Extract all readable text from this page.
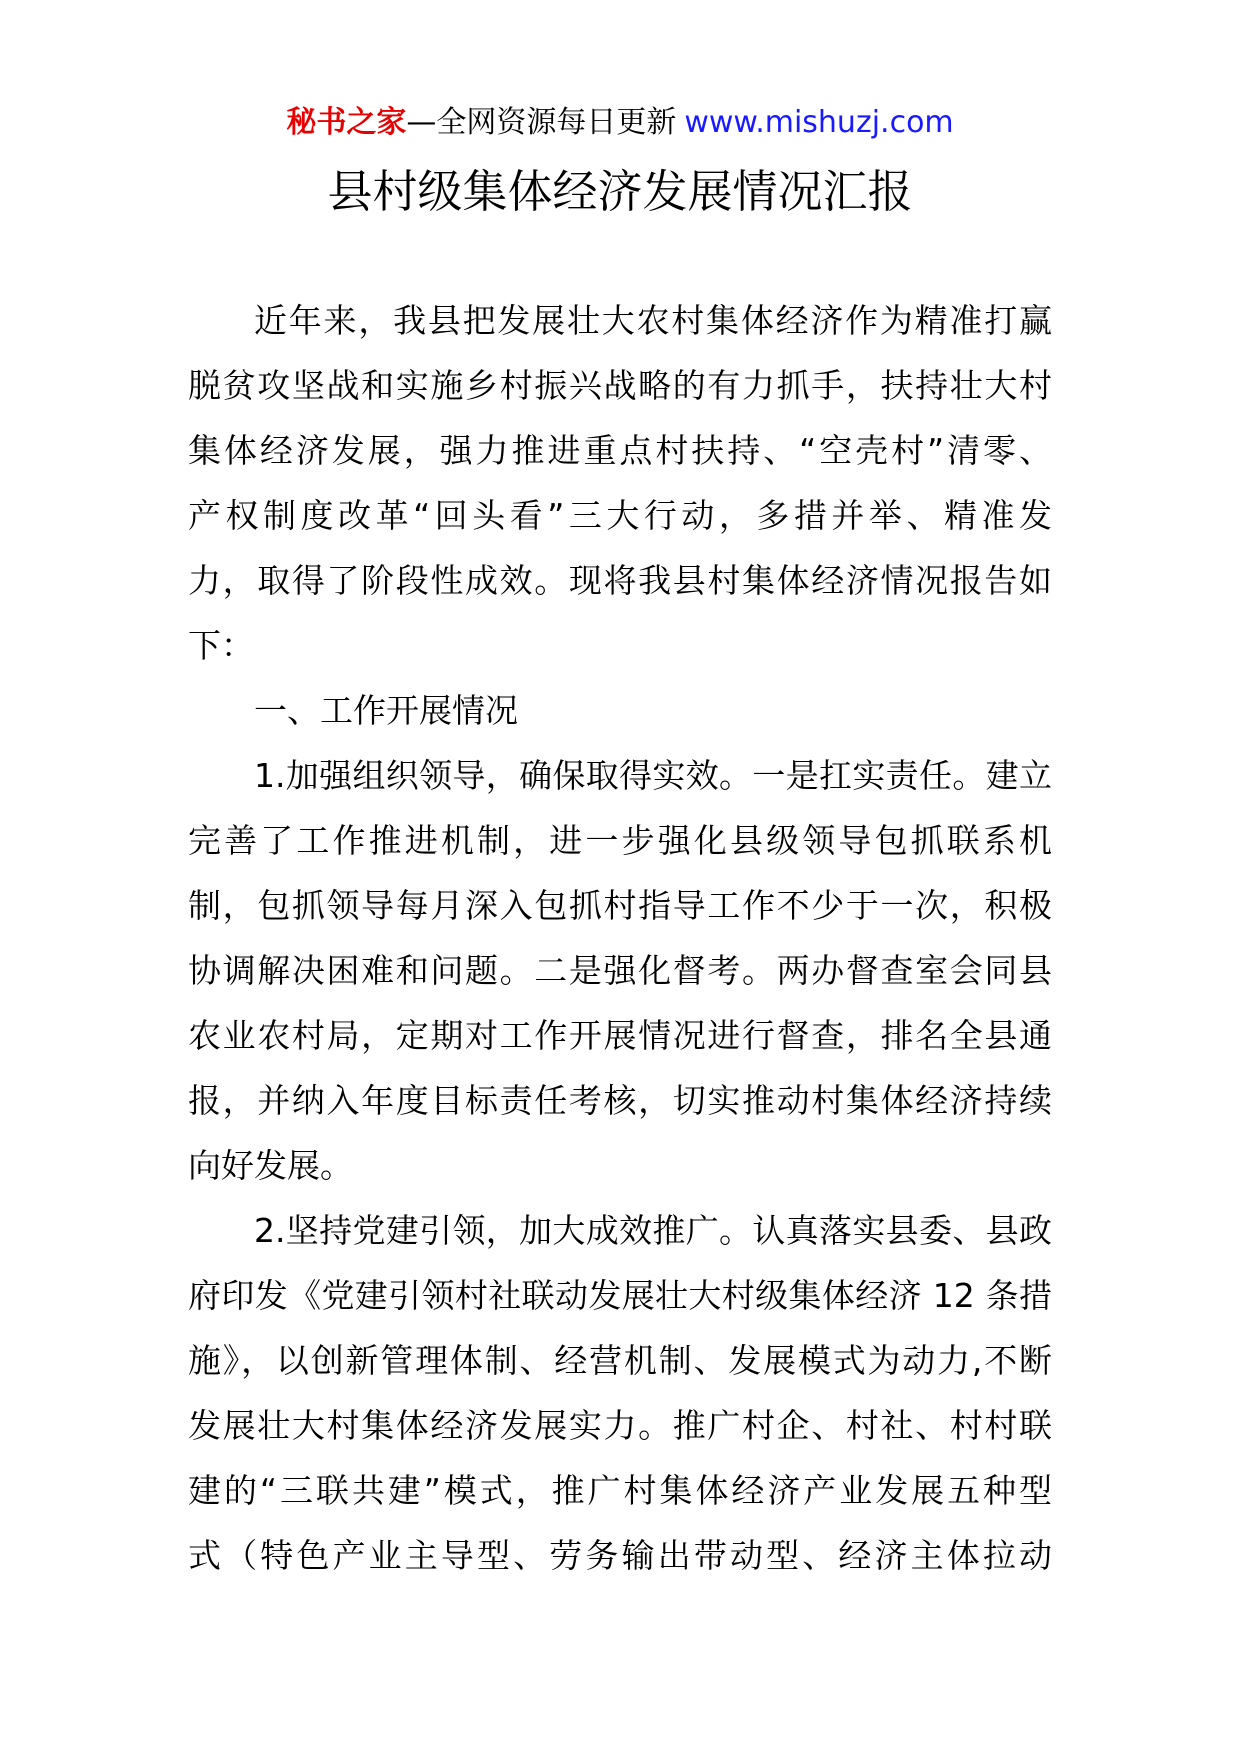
秘书之家—全网资源每日更新 www.mishuzj.com
县村级集体经济发展情况汇报
近年来，我县把发展壮大农村集体经济作为精准打赢
脱贫攻坚战和实施乡村振兴战略的有力抓手，扶持壮大村
集体经济发展，强力推进重点村扶持、“空壳村”清零、
产权制度改革“回头看”三大行动，多措并举、精准发
力，取得了阶段性成效。现将我县村集体经济情况报告如
下：
一、工作开展情况
1.加强组织领导，确保取得实效。一是扛实责任。建立
完善了工作推进机制，进一步强化县级领导包抓联系机
制，包抓领导每月深入包抓村指导工作不少于一次，积极
协调解决困难和问题。二是强化督考。两办督查室会同县
农业农村局，定期对工作开展情况进行督查，排名全县通
报，并纳入年度目标责任考核，切实推动村集体经济持续
向好发展。
2.坚持党建引领，加大成效推广。认真落实县委、县政
府印发《党建引领村社联动发展壮大村级集体经济 12 条措
施》，以创新管理体制、经营机制、发展模式为动力,不断
发展壮大村集体经济发展实力。推广村企、村社、村村联
建的“三联共建”模式，推广村集体经济产业发展五种型
式（特色产业主导型、劳务输出带动型、经济主体拉动
